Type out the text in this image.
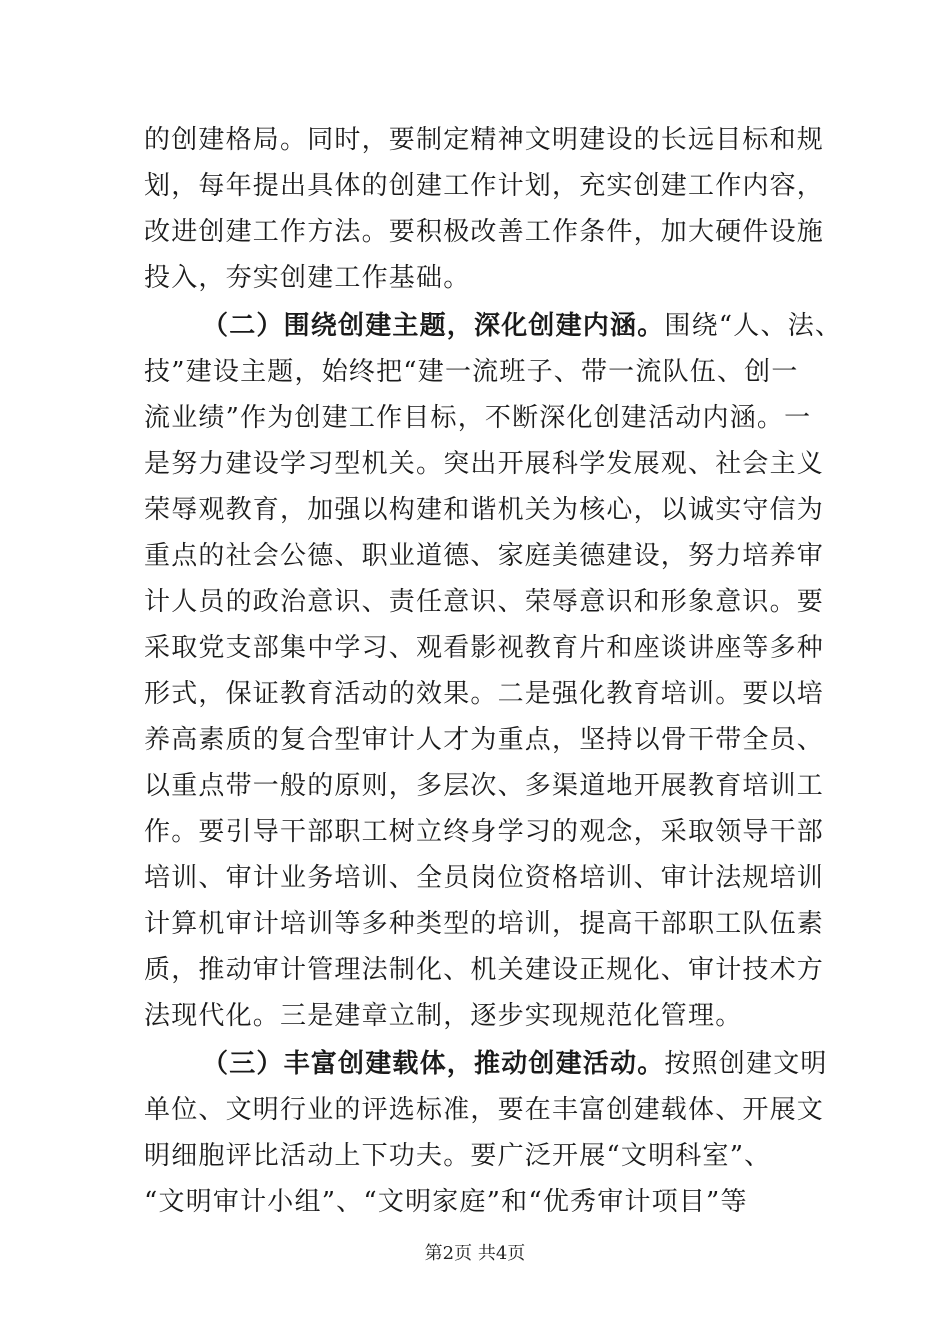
的创建格局。同时，要制定精神文明建设的长远目标和规
划，每年提出具体的创建工作计划，充实创建工作内容，
改进创建工作方法。要积极改善工作条件，加大硬件设施
投入，夯实创建工作基础。
（二）围绕创建主题，深化创建内涵。围绕“人、法、
技”建设主题，始终把“建一流班子、带一流队伍、创一
流业绩”作为创建工作目标，不断深化创建活动内涵。一
是努力建设学习型机关。突出开展科学发展观、社会主义
荣辱观教育，加强以构建和谐机关为核心，以诚实守信为
重点的社会公德、职业道德、家庭美德建设，努力培养审
计人员的政治意识、责任意识、荣辱意识和形象意识。要
采取党支部集中学习、观看影视教育片和座谈讲座等多种
形式，保证教育活动的效果。二是强化教育培训。要以培
养高素质的复合型审计人才为重点，坚持以骨干带全员、
以重点带一般的原则，多层次、多渠道地开展教育培训工
作。要引导干部职工树立终身学习的观念，采取领导干部
培训、审计业务培训、全员岗位资格培训、审计法规培训
计算机审计培训等多种类型的培训，提高干部职工队伍素
质，推动审计管理法制化、机关建设正规化、审计技术方
法现代化。三是建章立制，逐步实现规范化管理。
（三）丰富创建载体，推动创建活动。按照创建文明
单位、文明行业的评选标准，要在丰富创建载体、开展文
明细胞评比活动上下功夫。要广泛开展“文明科室”、
“文明审计小组”、“文明家庭”和“优秀审计项目”等
第2页 共4页
